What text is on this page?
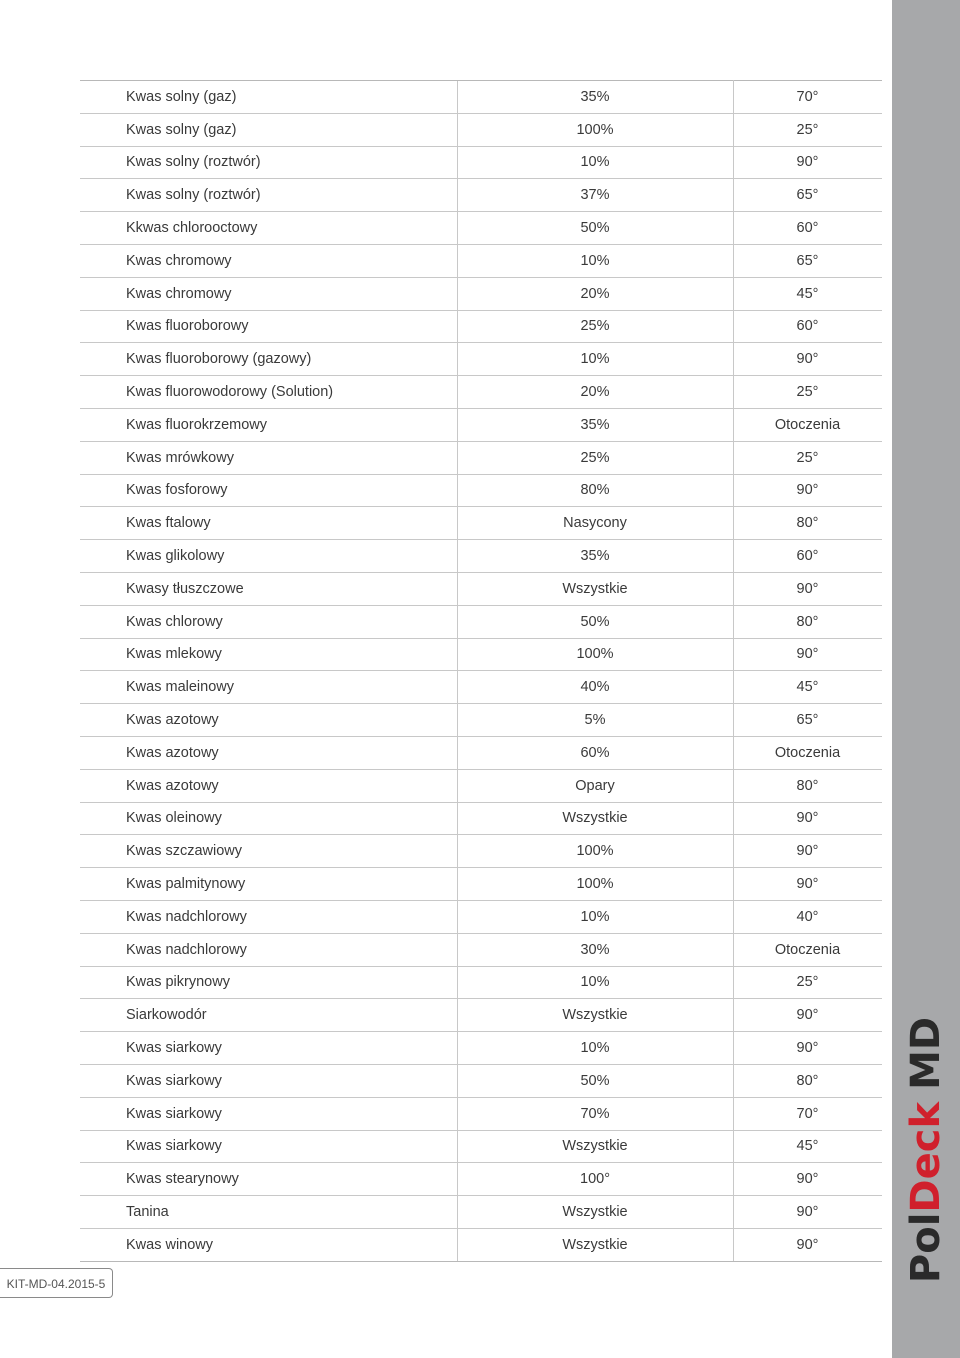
PolDeckMD
Kwas solny (gaz)	35%	70°
Kwas solny (gaz)	100%	25°
Kwas solny (roztwór)	10%	90°
Kwas solny (roztwór)	37%	65°
Kkwas chlorooctowy	50%	60°
Kwas chromowy	10%	65°
Kwas chromowy	20%	45°
Kwas fluoroborowy	25%	60°
Kwas fluoroborowy (gazowy)	10%	90°
Kwas fluorowodorowy (Solution)	20%	25°
Kwas fluorokrzemowy	35%	Otoczenia
Kwas mrówkowy	25%	25°
Kwas fosforowy	80%	90°
Kwas ftalowy	Nasycony	80°
Kwas glikolowy	35%	60°
Kwasy tłuszczowe	Wszystkie	90°
Kwas chlorowy	50%	80°
Kwas mlekowy	100%	90°
Kwas maleinowy	40%	45°
Kwas azotowy	5%	65°
Kwas azotowy	60%	Otoczenia
Kwas azotowy	Opary	80°
Kwas oleinowy	Wszystkie	90°
Kwas szczawiowy	100%	90°
Kwas palmitynowy	100%	90°
Kwas nadchlorowy	10%	40°
Kwas nadchlorowy	30%	Otoczenia
Kwas pikrynowy	10%	25°
Siarkowodór	Wszystkie	90°
Kwas siarkowy	10%	90°
Kwas siarkowy	50%	80°
Kwas siarkowy	70%	70°
Kwas siarkowy	Wszystkie	45°
Kwas stearynowy	100°	90°
Tanina	Wszystkie	90°
Kwas winowy	Wszystkie	90°
KIT-MD-04.2015-5
